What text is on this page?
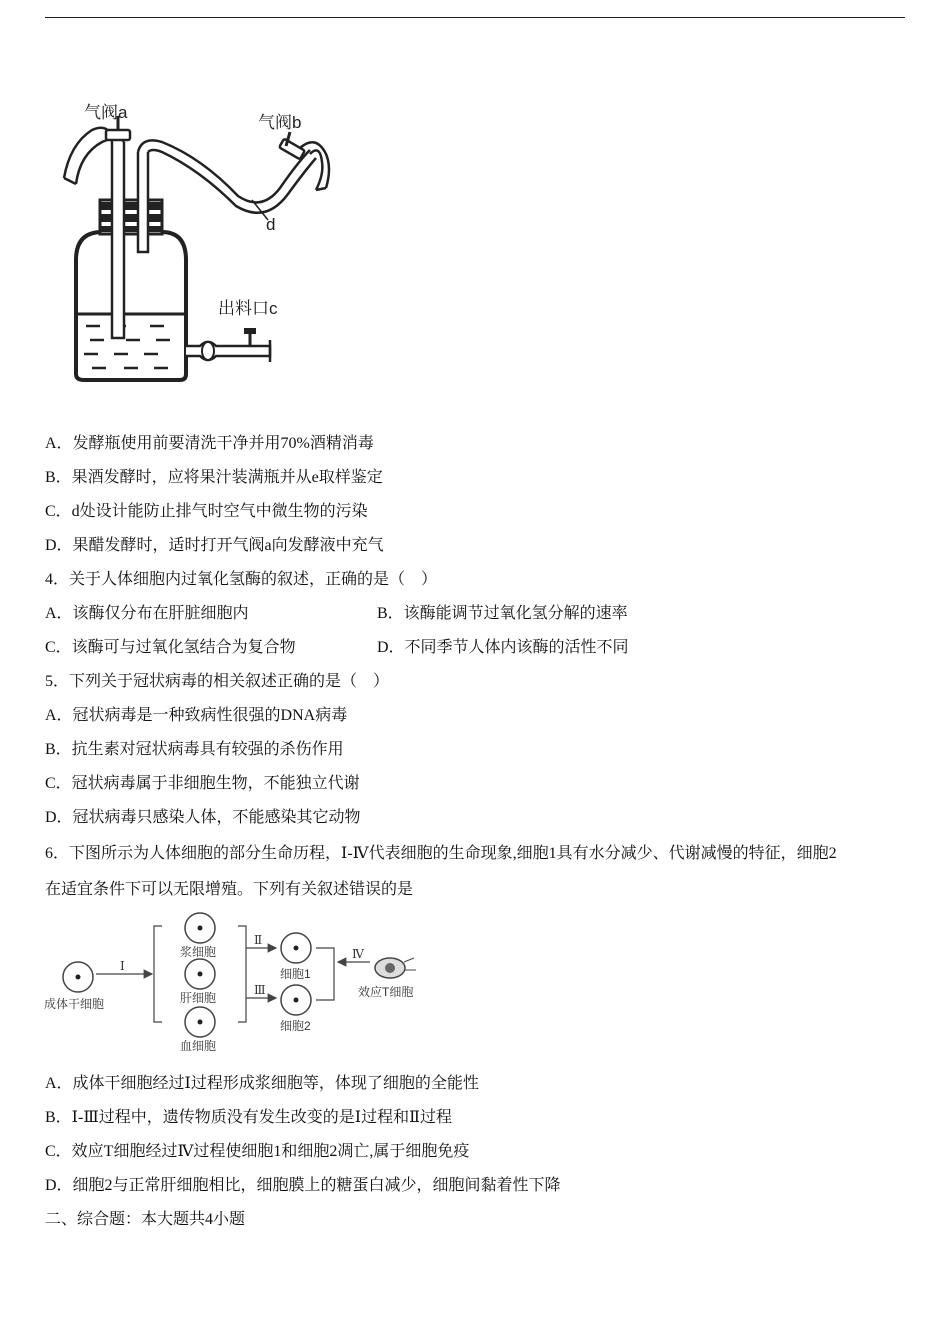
气阀a
气阀b
d
出料口c
A．发酵瓶使用前要清洗干净并用70%酒精消毒
B．果酒发酵时，应将果汁装满瓶并从e取样鉴定
C．d处设计能防止排气时空气中微生物的污染
D．果醋发酵时，适时打开气阀a向发酵液中充气
4．关于人体细胞内过氧化氢酶的叙述，正确的是（　）
A．该酶仅分布在肝脏细胞内	B．该酶能调节过氧化氢分解的速率
C．该酶可与过氧化氢结合为复合物	D．不同季节人体内该酶的活性不同
5．下列关于冠状病毒的相关叙述正确的是（　）
A．冠状病毒是一种致病性很强的DNA病毒
B．抗生素对冠状病毒具有较强的杀伤作用
C．冠状病毒属于非细胞生物，不能独立代谢
D．冠状病毒只感染人体，不能感染其它动物
6．下图所示为人体细胞的部分生命历程，Ⅰ-Ⅳ代表细胞的生命现象,细胞1具有水分减少、代谢减慢的特征，细胞2
在适宜条件下可以无限增殖。下列有关叙述错误的是
成体干细胞
Ⅰ
浆细胞
肝细胞
血细胞
Ⅱ
Ⅲ
细胞1
细胞2
Ⅳ
效应T细胞
A．成体干细胞经过Ⅰ过程形成浆细胞等，体现了细胞的全能性
B．Ⅰ-Ⅲ过程中，遗传物质没有发生改变的是Ⅰ过程和Ⅱ过程
C．效应T细胞经过Ⅳ过程使细胞1和细胞2凋亡,属于细胞免疫
D．细胞2与正常肝细胞相比，细胞膜上的糖蛋白减少，细胞间黏着性下降
二、综合题：本大题共4小题
